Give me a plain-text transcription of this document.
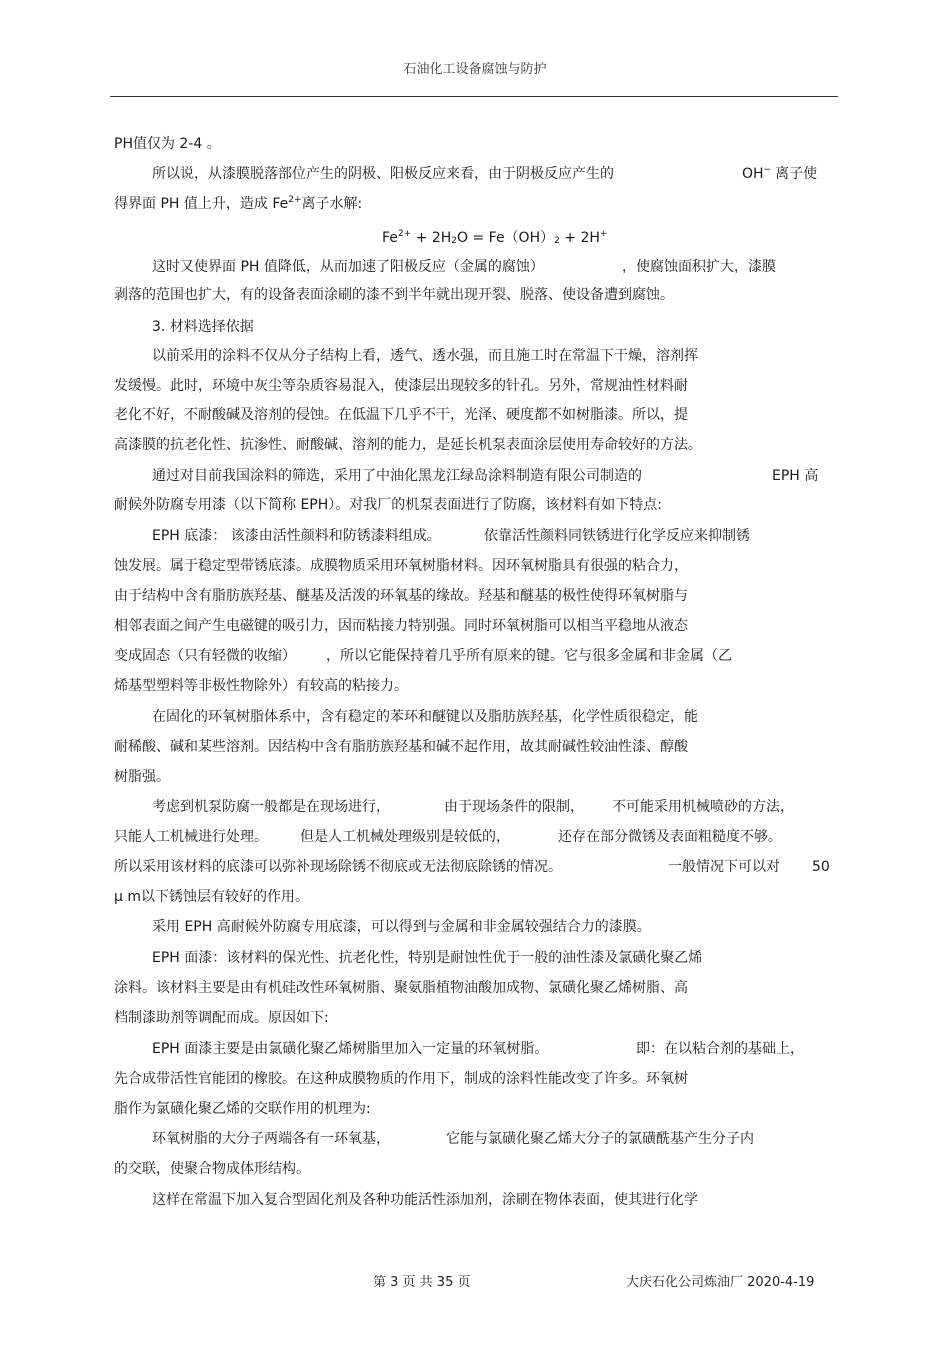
石油化工设备腐蚀与防护
PH值仅为 2-4 。
所以说，从漆膜脱落部位产生的阴极、阳极反应来看，由于阴极反应产生的	OH− 离子使
得界面 PH 值上升，造成 $Fe^{2+}$离子水解:
$Fe^{2+} + 2H_2O = Fe(OH)_2 + 2H^+$
这时又使界面 PH 值降低，从而加速了阳极反应（金属的腐蚀）	，使腐蚀面积扩大，漆膜
剥落的范围也扩大，有的设备表面涂刷的漆不到半年就出现开裂、脱落、使设备遭到腐蚀。
3. 材料选择依据
以前采用的涂料不仅从分子结构上看，透气、透水强，而且施工时在常温下干燥，溶剂挥
发缓慢。此时，环境中灰尘等杂质容易混入，使漆层出现较多的针孔。另外，常规油性材料耐
老化不好，不耐酸碱及溶剂的侵蚀。在低温下几乎不干，光泽、硬度都不如树脂漆。所以，提
高漆膜的抗老化性、抗渗性、耐酸碱、溶剂的能力，是延长机泵表面涂层使用寿命较好的方法。
通过对目前我国涂料的筛选，采用了中油化黑龙江绿岛涂料制造有限公司制造的	EPH 高
耐候外防腐专用漆（以下简称 EPH）。对我厂的机泵表面进行了防腐，该材料有如下特点:
EPH 底漆： 该漆由活性颜料和防锈漆料组成。	依靠活性颜料同铁锈进行化学反应来抑制锈
蚀发展。属于稳定型带锈底漆。成膜物质采用环氧树脂材料。因环氧树脂具有很强的粘合力，
由于结构中含有脂肪族羟基、醚基及活泼的环氧基的缘故。羟基和醚基的极性使得环氧树脂与
相邻表面之间产生电磁键的吸引力，因而粘接力特别强。同时环氧树脂可以相当平稳地从液态
变成固态（只有轻微的收缩） ，所以它能保持着几乎所有原来的键。它与很多金属和非金属（乙
烯基型塑料等非极性物除外）有较高的粘接力。
在固化的环氧树脂体系中，含有稳定的苯环和醚键以及脂肪族羟基，化学性质很稳定，能
耐稀酸、碱和某些溶剂。因结构中含有脂肪族羟基和碱不起作用，故其耐碱性较油性漆、醇酸
树脂强。
考虑到机泵防腐一般都是在现场进行，	由于现场条件的限制， 不可能采用机械喷砂的方法，
只能人工机械进行处理。 但是人工机械处理级别是较低的，	还存在部分微锈及表面粗糙度不够。
所以采用该材料的底漆可以弥补现场除锈不彻底或无法彻底除锈的情况。	一般情况下可以对 50
μ m以下锈蚀层有较好的作用。
采用 EPH 高耐候外防腐专用底漆，可以得到与金属和非金属较强结合力的漆膜。
EPH 面漆：该材料的保光性、抗老化性，特别是耐蚀性优于一般的油性漆及氯磺化聚乙烯
涂料。该材料主要是由有机硅改性环氧树脂、聚氨脂植物油酸加成物、氯磺化聚乙烯树脂、高
档制漆助剂等调配而成。原因如下:
EPH 面漆主要是由氯磺化聚乙烯树脂里加入一定量的环氧树脂。	即：在以粘合剂的基础上，
先合成带活性官能团的橡胶。在这种成膜物质的作用下，制成的涂料性能改变了许多。环氧树
脂作为氯磺化聚乙烯的交联作用的机理为:
环氧树脂的大分子两端各有一环氧基，	它能与氯磺化聚乙烯大分子的氯磺酰基产生分子内
的交联，使聚合物成体形结构。
这样在常温下加入复合型固化剂及各种功能活性添加剂，涂刷在物体表面，使其进行化学
第 3 页 共 35 页	大庆石化公司炼油厂 2020-4-19
